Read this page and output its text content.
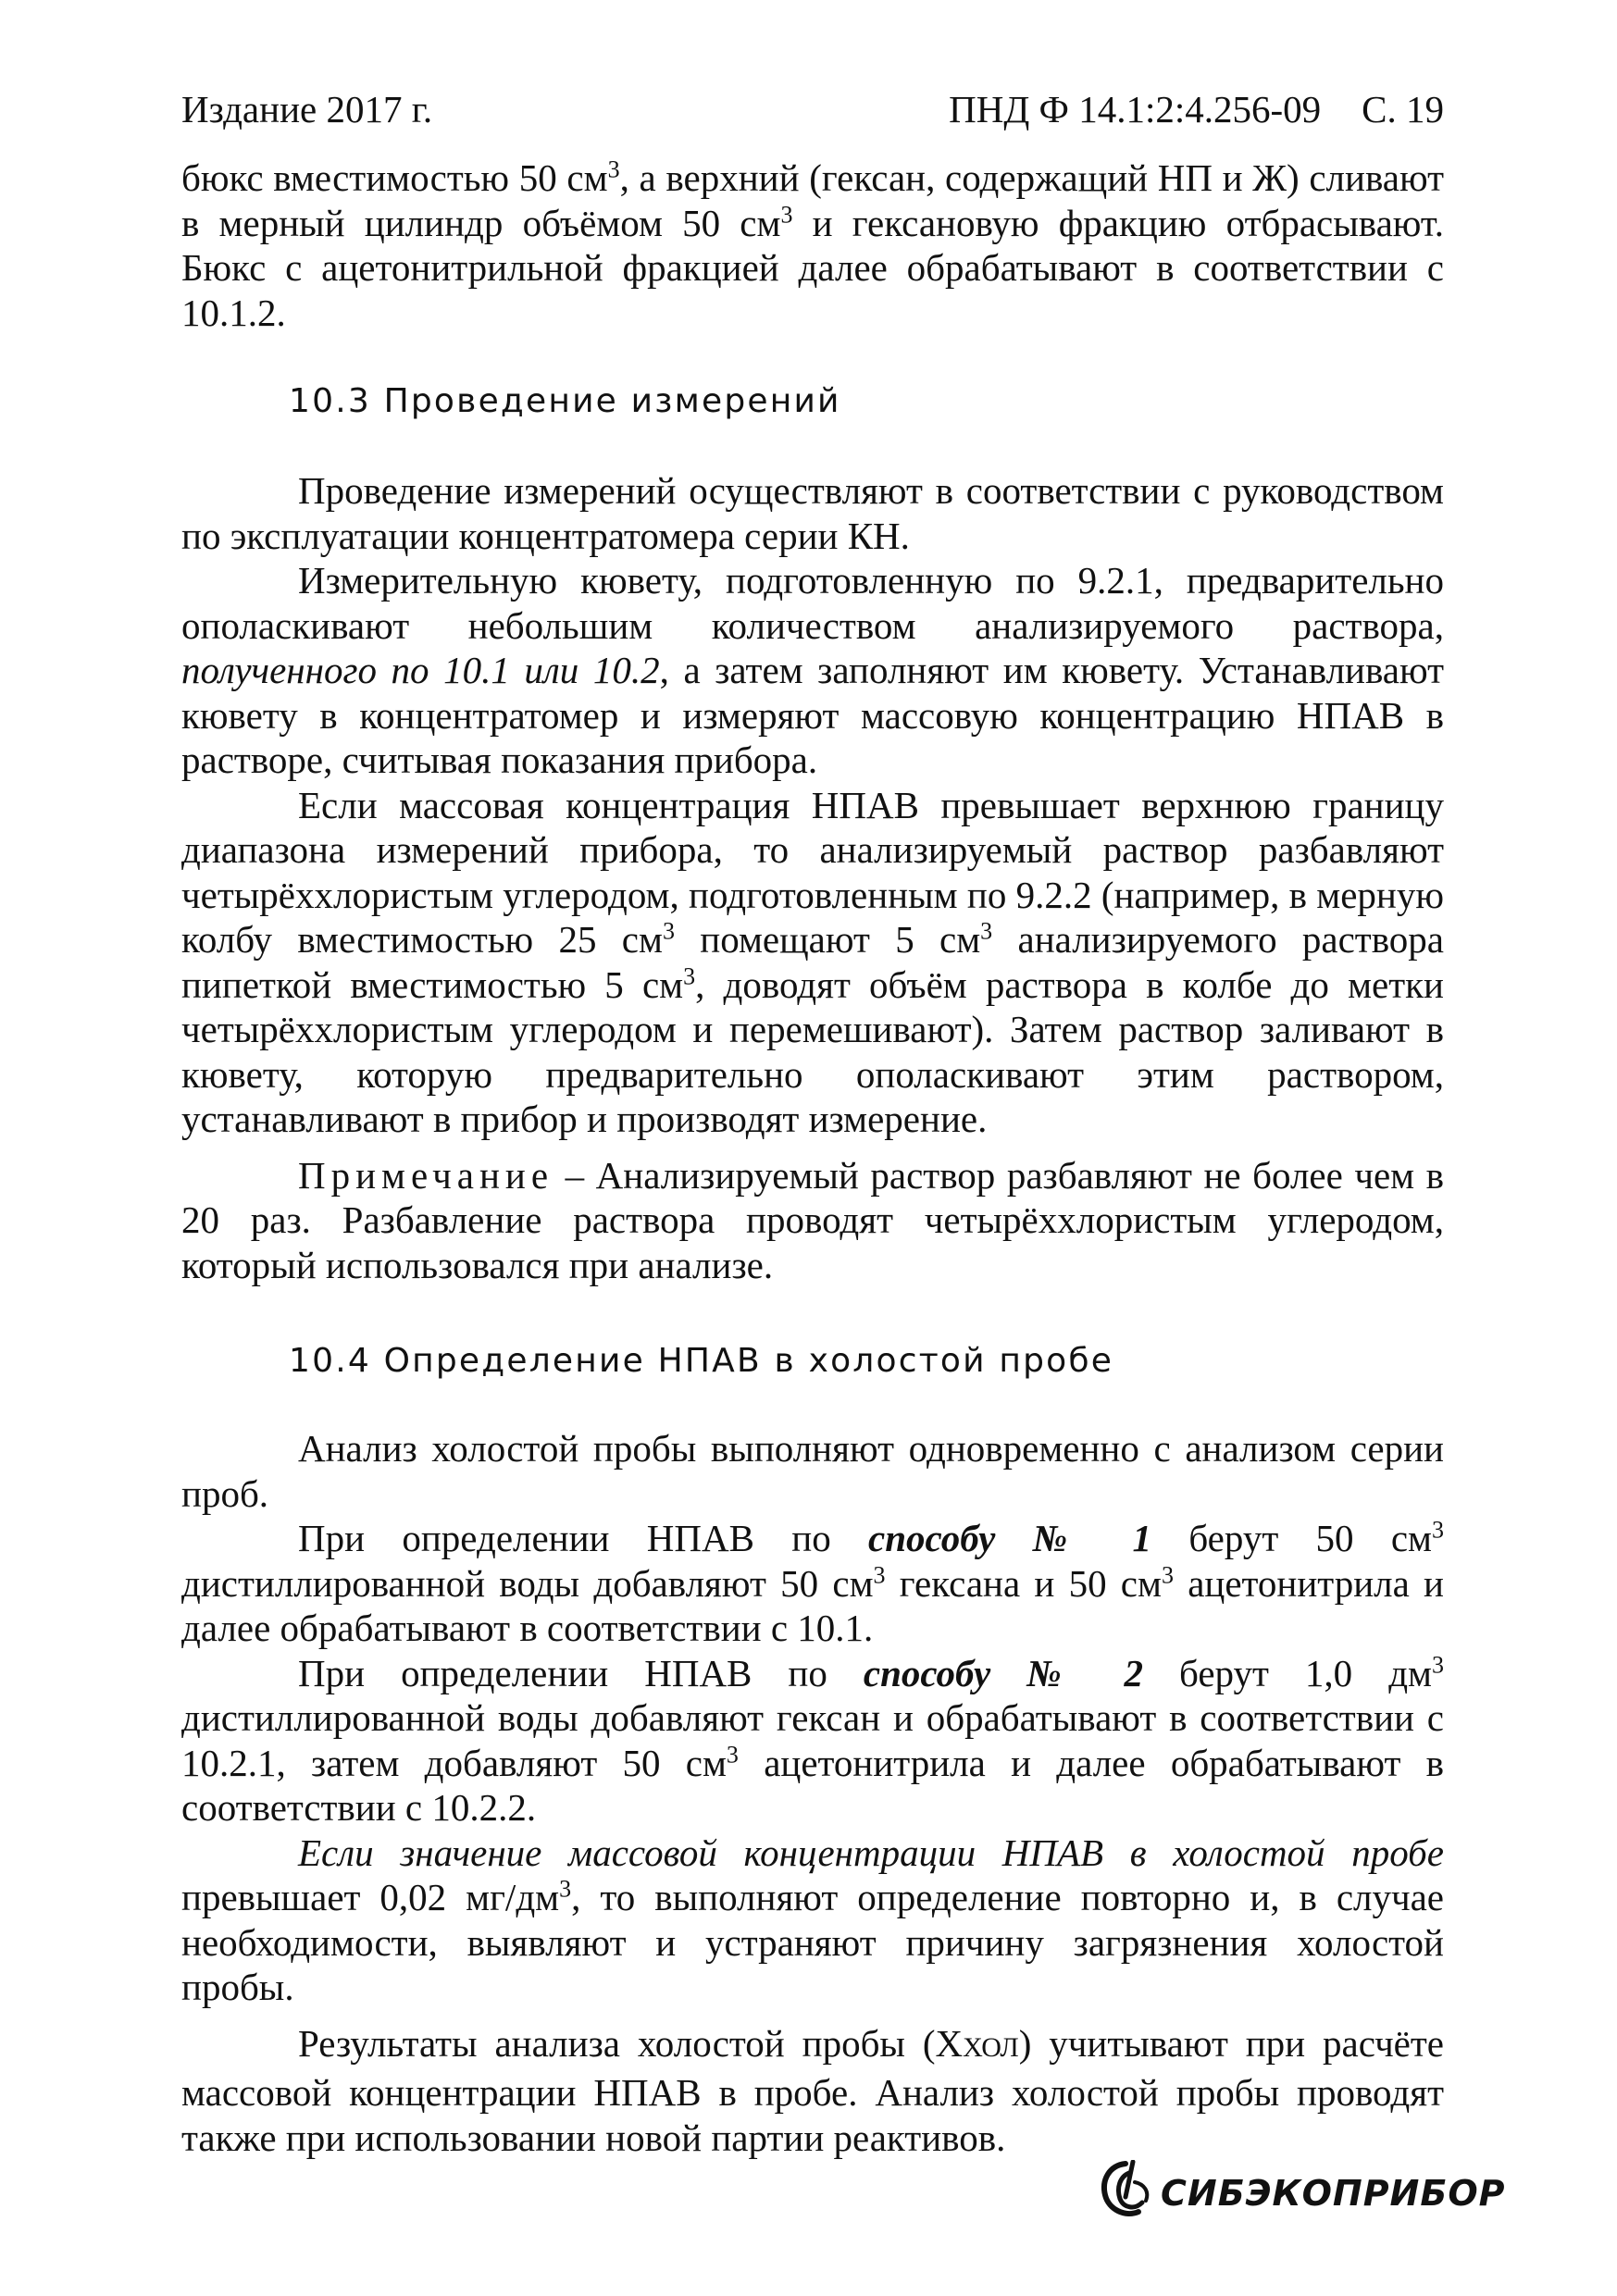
Издание 2017 г.	ПНД Ф 14.1:2:4.256-09 С. 19

бюкс вместимостью 50 $см^3$, а верхний (гексан, содержащий НП и Ж) сливают в мерный цилиндр объёмом 50 $см^3$ и гексановую фракцию отбрасывают. Бюкс с ацетонитрильной фракцией далее обрабатывают в соответствии с 10.1.2.

10.3 Проведение измерений

Проведение измерений осуществляют в соответствии с руководством по эксплуатации концентратомера серии КН.

Измерительную кювету, подготовленную по 9.2.1, предварительно ополаскивают небольшим количеством анализируемого раствора, полученного по 10.1 или 10.2, а затем заполняют им кювету. Устанавливают кювету в концентратомер и измеряют массовую концентрацию НПАВ в растворе, считывая показания прибора.

Если массовая концентрация НПАВ превышает верхнюю границу диапазона измерений прибора, то анализируемый раствор разбавляют четырёххлористым углеродом, подготовленным по 9.2.2 (например, в мерную колбу вместимостью 25 $см^3$ помещают 5 $см^3$ анализируемого раствора пипеткой вместимостью 5 $см^3$, доводят объём раствора в колбе до метки четырёххлористым углеродом и перемешивают). Затем раствор заливают в кювету, которую предварительно ополаскивают этим раствором, устанавливают в прибор и производят измерение.

Примечание – Анализируемый раствор разбавляют не более чем в 20 раз. Разбавление раствора проводят четырёххлористым углеродом, который использовался при анализе.

10.4 Определение НПАВ в холостой пробе

Анализ холостой пробы выполняют одновременно с анализом серии проб.

При определении НПАВ по способу № 1 берут 50 $см^3$ дистиллированной воды добавляют 50 $см^3$ гексана и 50 $см^3$ ацетонитрила и далее обрабатывают в соответствии с 10.1.

При определении НПАВ по способу № 2 берут 1,0 $дм^3$ дистиллированной воды добавляют гексан и обрабатывают в соответствии с 10.2.1, затем добавляют 50 $см^3$ ацетонитрила и далее обрабатывают в соответствии с 10.2.2.

Если значение массовой концентрации НПАВ в холостой пробе превышает 0,02 $мг/дм^3$, то выполняют определение повторно и, в случае необходимости, выявляют и устраняют причину загрязнения холостой пробы.

Результаты анализа холостой пробы (ХХОЛ) учитывают при расчёте массовой концентрации НПАВ в пробе. Анализ холостой пробы проводят также при использовании новой партии реактивов.

СИБЭКОПРИБОР
